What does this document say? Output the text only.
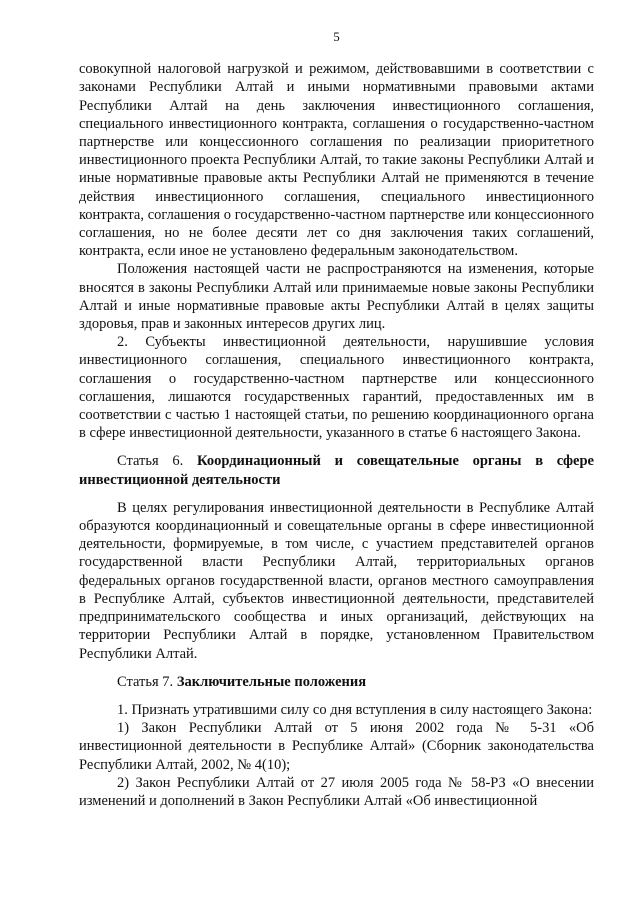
5

совокупной налоговой нагрузкой и режимом, действовавшими в соответствии с законами Республики Алтай и иными нормативными правовыми актами Республики Алтай на день заключения инвестиционного соглашения, специального инвестиционного контракта, соглашения о государственно-частном партнерстве или концессионного соглашения по реализации приоритетного инвестиционного проекта Республики Алтай, то такие законы Республики Алтай и иные нормативные правовые акты Республики Алтай не применяются в течение действия инвестиционного соглашения, специального инвестиционного контракта, соглашения о государственно-частном партнерстве или концессионного соглашения, но не более десяти лет со дня заключения таких соглашений, контракта, если иное не установлено федеральным законодательством.

Положения настоящей части не распространяются на изменения, которые вносятся в законы Республики Алтай или принимаемые новые законы Республики Алтай и иные нормативные правовые акты Республики Алтай в целях защиты здоровья, прав и законных интересов других лиц.

2. Субъекты инвестиционной деятельности, нарушившие условия инвестиционного соглашения, специального инвестиционного контракта, соглашения о государственно-частном партнерстве или концессионного соглашения, лишаются государственных гарантий, предоставленных им в соответствии с частью 1 настоящей статьи, по решению координационного органа в сфере инвестиционной деятельности, указанного в статье 6 настоящего Закона.

Статья 6. Координационный и совещательные органы в сфере инвестиционной деятельности

В целях регулирования инвестиционной деятельности в Республике Алтай образуются координационный и совещательные органы в сфере инвестиционной деятельности, формируемые, в том числе, с участием представителей органов государственной власти Республики Алтай, территориальных органов федеральных органов государственной власти, органов местного самоуправления в Республике Алтай, субъектов инвестиционной деятельности, представителей предпринимательского сообщества и иных организаций, действующих на территории Республики Алтай в порядке, установленном Правительством Республики Алтай.

Статья 7. Заключительные положения

1. Признать утратившими силу со дня вступления в силу настоящего Закона:

1) Закон Республики Алтай от 5 июня 2002 года № 5-31 «Об инвестиционной деятельности в Республике Алтай» (Сборник законодательства Республики Алтай, 2002, № 4(10);

2) Закон Республики Алтай от 27 июля 2005 года № 58-РЗ «О внесении изменений и дополнений в Закон Республики Алтай «Об инвестиционной
